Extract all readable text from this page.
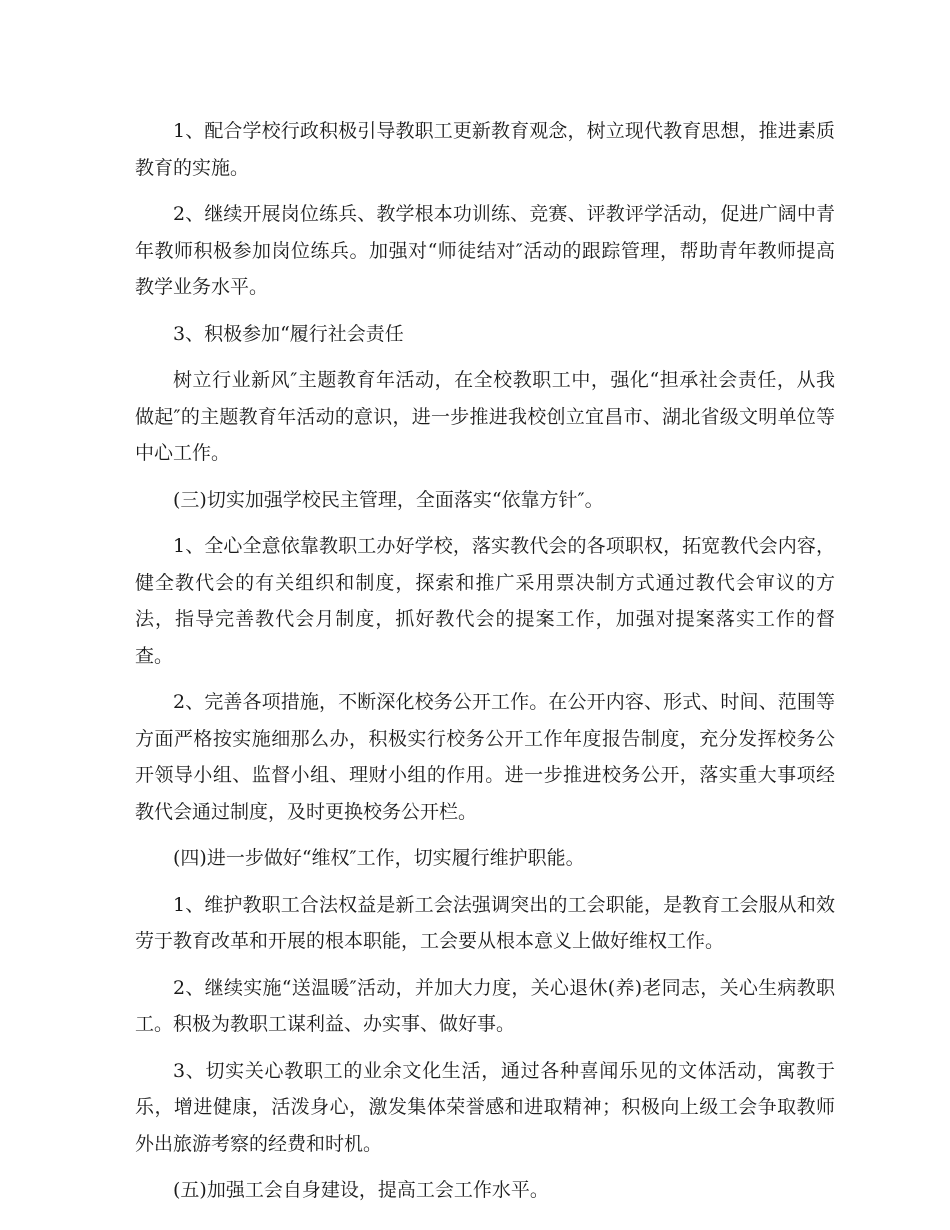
1、配合学校行政积极引导教职工更新教育观念，树立现代教育思想，推进素质教育的实施。

2、继续开展岗位练兵、教学根本功训练、竞赛、评教评学活动，促进广阔中青年教师积极参加岗位练兵。加强对“师徒结对″活动的跟踪管理，帮助青年教师提高教学业务水平。

3、积极参加“履行社会责任

树立行业新风″主题教育年活动，在全校教职工中，强化“担承社会责任，从我做起″的主题教育年活动的意识，进一步推进我校创立宜昌市、湖北省级文明单位等中心工作。

(三)切实加强学校民主管理，全面落实“依靠方针″。

1、全心全意依靠教职工办好学校，落实教代会的各项职权，拓宽教代会内容，健全教代会的有关组织和制度，探索和推广采用票决制方式通过教代会审议的方法，指导完善教代会月制度，抓好教代会的提案工作，加强对提案落实工作的督查。

2、完善各项措施，不断深化校务公开工作。在公开内容、形式、时间、范围等方面严格按实施细那么办，积极实行校务公开工作年度报告制度，充分发挥校务公开领导小组、监督小组、理财小组的作用。进一步推进校务公开，落实重大事项经教代会通过制度，及时更换校务公开栏。

(四)进一步做好“维权″工作，切实履行维护职能。

1、维护教职工合法权益是新工会法强调突出的工会职能，是教育工会服从和效劳于教育改革和开展的根本职能，工会要从根本意义上做好维权工作。

2、继续实施“送温暖″活动，并加大力度，关心退休(养)老同志，关心生病教职工。积极为教职工谋利益、办实事、做好事。

3、切实关心教职工的业余文化生活，通过各种喜闻乐见的文体活动，寓教于乐，增进健康，活泼身心，激发集体荣誉感和进取精神；积极向上级工会争取教师外出旅游考察的经费和时机。

(五)加强工会自身建设，提高工会工作水平。
